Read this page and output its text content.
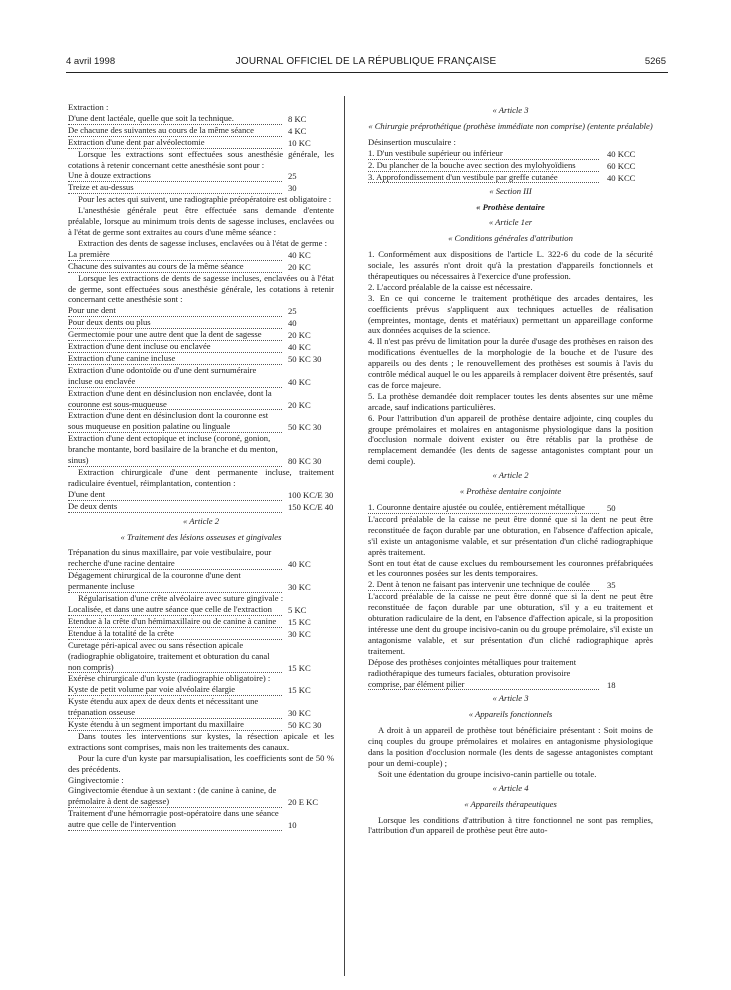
4 avril 1998	JOURNAL OFFICIEL DE LA RÉPUBLIQUE FRANÇAISE	5265
Extraction :
D'une dent lactéale, quelle que soit la technique.	8 KC
De chacune des suivantes au cours de la même séance	4 KC
Extraction d'une dent par alvéolectomie	10 KC
Lorsque les extractions sont effectuées sous anesthésie générale, les cotations à retenir concernant cette anesthésie sont pour :
Une à douze extractions	25
Treize et au-dessus	30
Pour les actes qui suivent, une radiographie préopératoire est obligatoire :
L'anesthésie générale peut être effectuée sans demande d'entente préalable, lorsque au minimum trois dents de sagesse incluses, enclavées ou à l'état de germe sont extraites au cours d'une même séance :
Extraction des dents de sagesse incluses, enclavées ou à l'état de germe :
La première	40 KC
Chacune des suivantes au cours de la même séance	20 KC
Lorsque les extractions de dents de sagesse incluses, enclavées ou à l'état de germe, sont effectuées sous anesthésie générale, les cotations à retenir concernant cette anesthésie sont :
Pour une dent	25
Pour deux dents ou plus	40
Germectomie pour une autre dent que la dent de sagesse	20 KC
Extraction d'une dent incluse ou enclavée	40 KC
Extraction d'une canine incluse	50 KC 30
Extraction d'une odontoïde ou d'une dent surnuméraire incluse ou enclavée	40 KC
Extraction d'une dent en désinclusion non enclavée, dont la couronne est sous-muqueuse	20 KC
Extraction d'une dent en désinclusion dont la couronne est sous muqueuse en position palatine ou linguale	50 KC 30
Extraction d'une dent ectopique et incluse (coroné, gonion, branche montante, bord basilaire de la branche et du menton, sinus)	80 KC 30
Extraction chirurgicale d'une dent permanente incluse, traitement radiculaire éventuel, réimplantation, contention :
D'une dent	100 KC/E 30
De deux dents	150 KC/E 40
« Article 2
« Traitement des lésions osseuses et gingivales
Trépanation du sinus maxillaire, par voie vestibulaire, pour recherche d'une racine dentaire	40 KC
Dégagement chirurgical de la couronne d'une dent permanente incluse	30 KC
Régularisation d'une crête alvéolaire avec suture gingivale :
Localisée, et dans une autre séance que celle de l'extraction	5 KC
Etendue à la crête d'un hémimaxillaire ou de canine à canine	15 KC
Etendue à la totalité de la crête	30 KC
Curetage péri-apical avec ou sans résection apicale (radiographie obligatoire, traitement et obturation du canal non compris)	15 KC
Exérèse chirurgicale d'un kyste (radiographie obligatoire) :
Kyste de petit volume par voie alvéolaire élargie	15 KC
Kyste étendu aux apex de deux dents et nécessitant une trépanation osseuse	30 KC
Kyste étendu à un segment important du maxillaire	50 KC 30
Dans toutes les interventions sur kystes, la résection apicale et les extractions sont comprises, mais non les traitements des canaux.
Pour la cure d'un kyste par marsupialisation, les coefficients sont de 50 % des précédents.
Gingivectomie :
Gingivectomie étendue à un sextant : (de canine à canine, de prémolaire à dent de sagesse)	20 E KC
Traitement d'une hémorragie post-opératoire dans une séance autre que celle de l'intervention	10
« Article 3
« Chirurgie préprothétique (prothèse immédiate non comprise) (entente préalable)
Désinsertion musculaire :
1. D'un vestibule supérieur ou inférieur	40 KCC
2. Du plancher de la bouche avec section des mylohyoïdiens	60 KCC
3. Approfondissement d'un vestibule par greffe cutanée	40 KCC
« Section III
« Prothèse dentaire
« Article 1er
« Conditions générales d'attribution
1. Conformément aux dispositions de l'article L. 322-6 du code de la sécurité sociale, les assurés n'ont droit qu'à la prestation d'appareils fonctionnels et thérapeutiques ou nécessaires à l'exercice d'une profession.
2. L'accord préalable de la caisse est nécessaire.
3. En ce qui concerne le traitement prothétique des arcades dentaires, les coefficients prévus s'appliquent aux techniques actuelles de réalisation (empreintes, montage, dents et matériaux) permettant un appareillage conforme aux données acquises de la science.
4. Il n'est pas prévu de limitation pour la durée d'usage des prothèses en raison des modifications éventuelles de la morphologie de la bouche et de l'usure des appareils ou des dents ; le renouvellement des prothèses est soumis à l'avis du contrôle médical auquel le ou les appareils à remplacer doivent être présentés, sauf cas de force majeure.
5. La prothèse demandée doit remplacer toutes les dents absentes sur une même arcade, sauf indications particulières.
6. Pour l'attribution d'un appareil de prothèse dentaire adjointe, cinq couples du groupe prémolaires et molaires en antagonisme physiologique dans la position d'occlusion normale doivent exister ou être rétablis par la prothèse de remplacement demandée (les dents de sagesse antagonistes comptant pour un demi couple).
« Article 2
« Prothèse dentaire conjointe
1. Couronne dentaire ajustée ou coulée, entièrement métallique	50
L'accord préalable de la caisse ne peut être donné que si la dent ne peut être reconstituée de façon durable par une obturation, en l'absence d'affection apicale, s'il existe un antagonisme valable, et sur présentation d'un cliché radiographique après traitement.
Sont en tout état de cause exclues du remboursement les couronnes préfabriquées et les couronnes posées sur les dents temporaires.
2. Dent à tenon ne faisant pas intervenir une technique de coulée	35
L'accord préalable de la caisse ne peut être donné que si la dent ne peut être reconstituée de façon durable par une obturation, s'il y a eu traitement et obturation radiculaire de la dent, en l'absence d'affection apicale, si la proposition intéresse une dent du groupe incisivo-canin ou du groupe prémolaire, s'il existe un antagonisme valable, et sur présentation d'un cliché radiographique après traitement.
Dépose des prothèses conjointes métalliques pour traitement radiothérapique des tumeurs faciales, obturation provisoire comprise, par élément pilier	18
« Article 3
« Appareils fonctionnels
A droit à un appareil de prothèse tout bénéficiaire présentant : Soit moins de cinq couples du groupe prémolaires et molaires en antagonisme physiologique dans la position d'occlusion normale (les dents de sagesse antagonistes comptant pour un demi-couple) ;
Soit une édentation du groupe incisivo-canin partielle ou totale.
« Article 4
« Appareils thérapeutiques
Lorsque les conditions d'attribution à titre fonctionnel ne sont pas remplies, l'attribution d'un appareil de prothèse peut être auto-
